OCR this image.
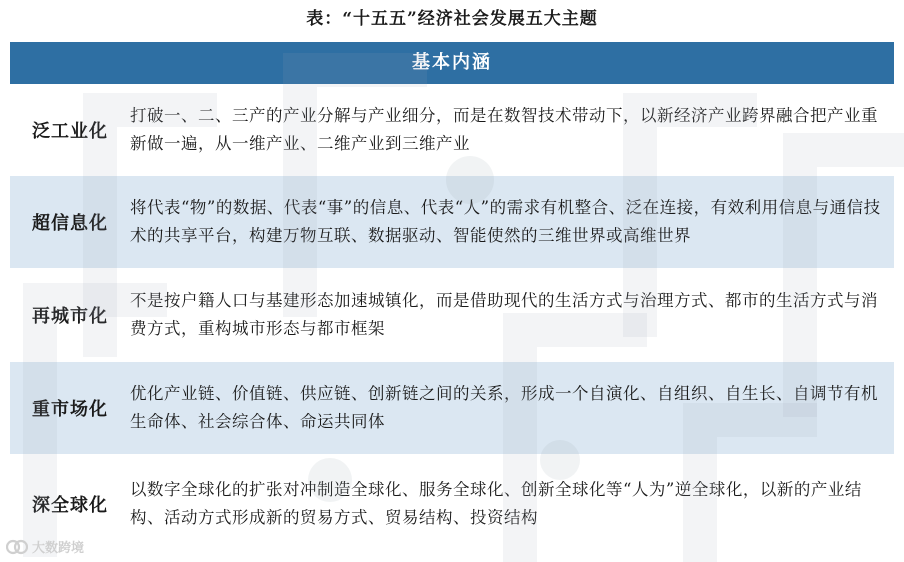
表：“十五五”经济社会发展五大主题
基本内涵
泛工业化
打破一、二、三产的产业分解与产业细分，而是在数智技术带动下，以新经济产业跨界融合把产业重新做一遍，从一维产业、二维产业到三维产业
超信息化
将代表“物”的数据、代表“事”的信息、代表“人”的需求有机整合、泛在连接，有效利用信息与通信技术的共享平台，构建万物互联、数据驱动、智能使然的三维世界或高维世界
再城市化
不是按户籍人口与基建形态加速城镇化，而是借助现代的生活方式与治理方式、都市的生活方式与消费方式，重构城市形态与都市框架
重市场化
优化产业链、价值链、供应链、创新链之间的关系，形成一个自演化、自组织、自生长、自调节有机生命体、社会综合体、命运共同体
深全球化
以数字全球化的扩张对冲制造全球化、服务全球化、创新全球化等“人为”逆全球化，以新的产业结构、活动方式形成新的贸易方式、贸易结构、投资结构
大数跨境
